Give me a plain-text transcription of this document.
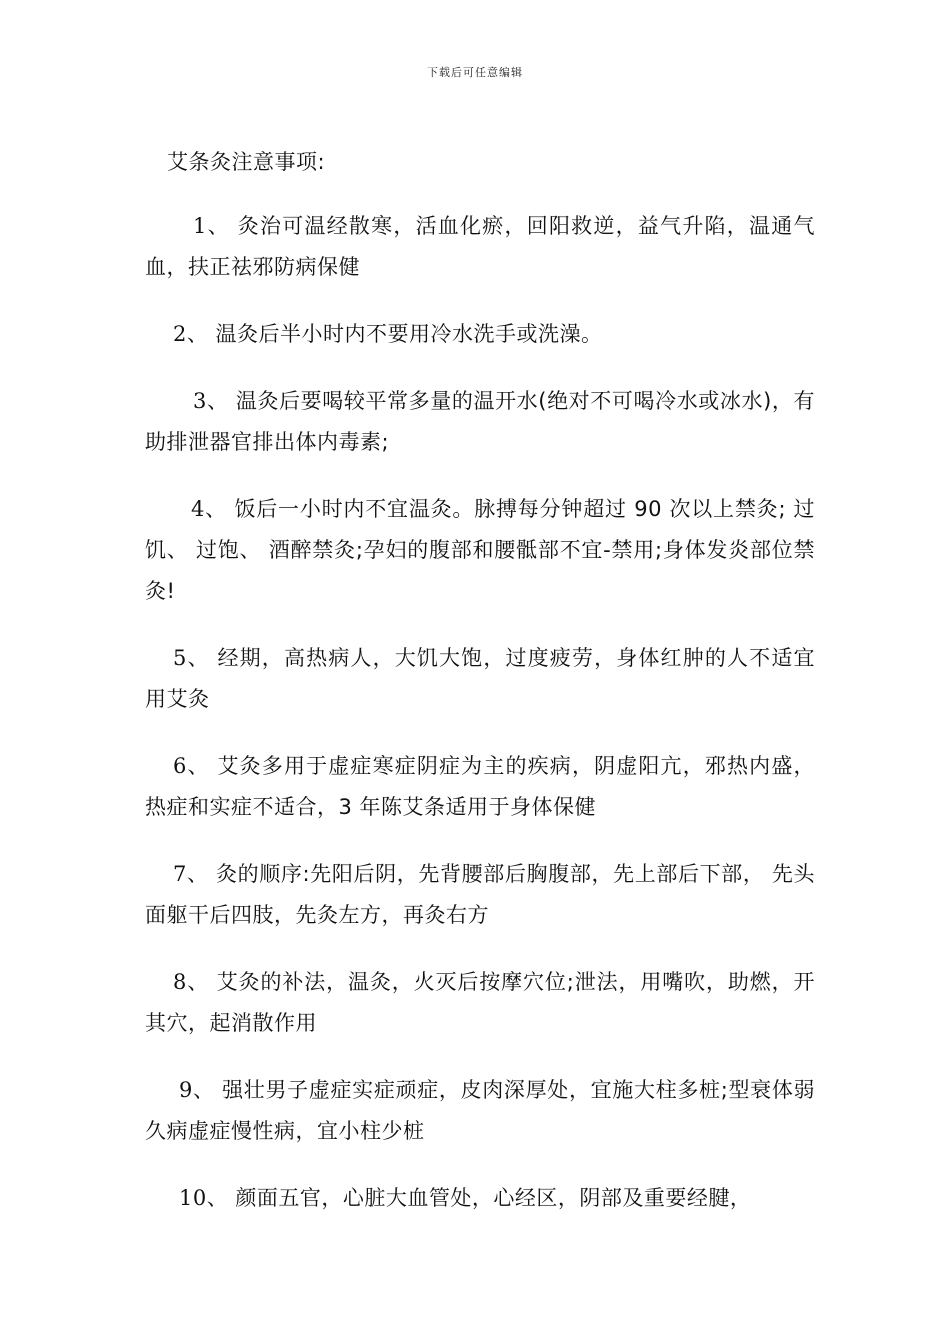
下载后可任意编辑
艾条灸注意事项:

1、 灸治可温经散寒，活血化瘀，回阳救逆，益气升陷，温通气血，扶正祛邪防病保健

2、 温灸后半小时内不要用冷水洗手或洗澡。

3、 温灸后要喝较平常多量的温开水(绝对不可喝冷水或冰水)，有助排泄器官排出体内毒素;

4、 饭后一小时内不宜温灸。脉搏每分钟超过 90 次以上禁灸; 过饥、 过饱、 酒醉禁灸;孕妇的腹部和腰骶部不宜-禁用;身体发炎部位禁灸!

5、 经期，高热病人，大饥大饱，过度疲劳，身体红肿的人不适宜用艾灸

6、 艾灸多用于虚症寒症阴症为主的疾病，阴虚阳亢，邪热内盛，热症和实症不适合，3 年陈艾条适用于身体保健

7、 灸的顺序:先阳后阴，先背腰部后胸腹部，先上部后下部， 先头面躯干后四肢，先灸左方，再灸右方

8、 艾灸的补法，温灸，火灭后按摩穴位;泄法，用嘴吹，助燃，开其穴，起消散作用

9、 强壮男子虚症实症顽症，皮肉深厚处，宜施大柱多桩;型衰体弱久病虚症慢性病，宜小柱少桩

10、 颜面五官，心脏大血管处，心经区，阴部及重要经腱，
